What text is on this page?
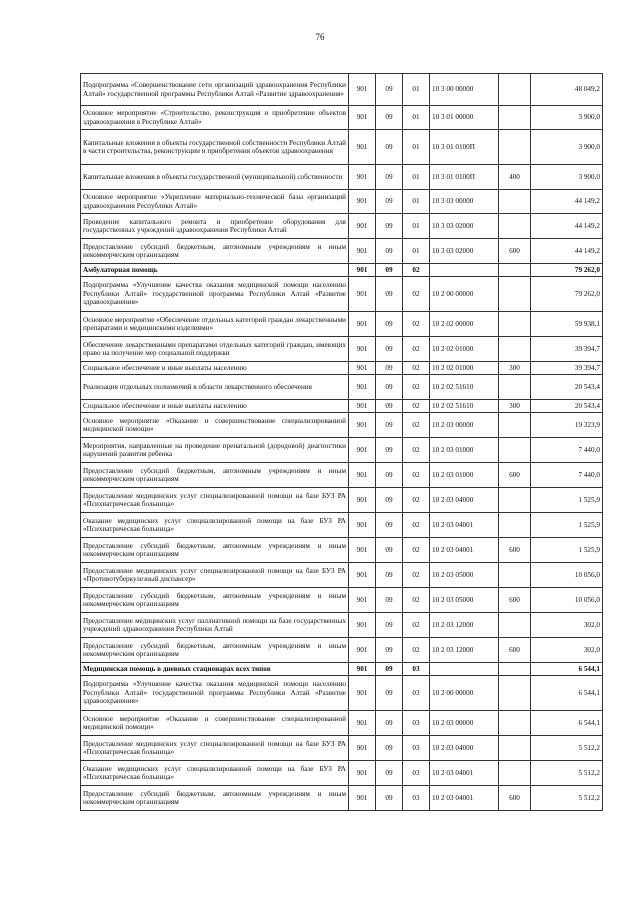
76
Подпрограмма «Совершенствование сети организаций здравоохранения Республики Алтай» государственной программы Республики Алтай «Развитие здравоохранения»	901	09	01	10 3 00 00000		48 049,2
Основное мероприятие «Строительство, реконструкция и приобретение объектов здравоохранения в Республике Алтай»	901	09	01	10 3 01 00000		3 900,0
Капитальные вложения в объекты государственной собственности Республики Алтай в части строительства, реконструкции и приобретения объектов здравоохранения	901	09	01	10 3 01 0100П		3 900,0
Капитальные вложения в объекты государственной (муниципальной) собственности	901	09	01	10 3 01 0100П	400	3 900,0
Основное мероприятие «Укрепление материально-технической базы организаций здравоохранения Республики Алтай»	901	09	01	10 3 03 00000		44 149,2
Проведение капитального ремонта и приобретение оборудования для государственных учреждений здравоохранения Республики Алтай	901	09	01	10 3 03 02000		44 149,2
Предоставление субсидий бюджетным, автономным учреждениям и иным некоммерческим организациям	901	09	01	10 3 03 02000	600	44 149,2
Амбулаторная помощь	901	09	02			79 262,0
Подпрограмма «Улучшение качества оказания медицинской помощи населению Республики Алтай» государственной программы Республики Алтай «Развитие здравоохранения»	901	09	02	10 2 00 00000		79 262,0
Основное мероприятие «Обеспечение отдельных категорий граждан лекарственными препаратами и медицинскими изделиями»	901	09	02	10 2 02 00000		59 938,1
Обеспечение лекарственными препаратами отдельных категорий граждан, имеющих право на получение мер социальной поддержки	901	09	02	10 2 02 01000		39 394,7
Социальное обеспечение и иные выплаты населению	901	09	02	10 2 02 01000	300	39 394,7
Реализация отдельных полномочий в области лекарственного обеспечения	901	09	02	10 2 02 51610		20 543,4
Социальное обеспечение и иные выплаты населению	901	09	02	10 2 02 51610	300	20 543,4
Основное мероприятие «Оказание и совершенствование специализированной медицинской помощи»	901	09	02	10 2 03 00000		19 323,9
Мероприятия, направленные на проведение пренатальной (дородовой) диагностики нарушений развития ребенка	901	09	02	10 2 03 01000		7 440,0
Предоставление субсидий бюджетным, автономным учреждениям и иным некоммерческим организациям	901	09	02	10 2 03 01000	600	7 440,0
Предоставление медицинских услуг специализированной помощи на базе БУЗ РА «Психиатрическая больница»	901	09	02	10 2 03 04000		1 525,9
Оказание медицинских услуг специализированной помощи на базе БУЗ РА «Психиатрическая больница»	901	09	02	10 2 03 04001		1 525,9
Предоставление субсидий бюджетным, автономным учреждениям и иным некоммерческим организациям	901	09	02	10 2 03 04001	600	1 525,9
Предоставление медицинских услуг специализированной помощи на базе БУЗ РА «Противотуберкулезный диспансер»	901	09	02	10 2 03 05000		10 056,0
Предоставление субсидий бюджетным, автономным учреждениям и иным некоммерческим организациям	901	09	02	10 2 03 05000	600	10 056,0
Предоставление медицинских услуг паллиативной помощи на базе государственных учреждений здравоохранения Республики Алтай	901	09	02	10 2 03 12000		302,0
Предоставление субсидий бюджетным, автономным учреждениям и иным некоммерческим организациям	901	09	02	10 2 03 12000	600	302,0
Медицинская помощь в дневных стационарах всех типов	901	09	03			6 544,1
Подпрограмма «Улучшение качества оказания медицинской помощи населению Республики Алтай» государственной программы Республики Алтай «Развитие здравоохранения»	901	09	03	10 2 00 00000		6 544,1
Основное мероприятие «Оказание и совершенствование специализированной медицинской помощи»	901	09	03	10 2 03 00000		6 544,1
Предоставление медицинских услуг специализированной помощи на базе БУЗ РА «Психиатрическая больница»	901	09	03	10 2 03 04000		5 512,2
Оказание медицинских услуг специализированной помощи на базе БУЗ РА «Психиатрическая больница»	901	09	03	10 2 03 04001		5 512,2
Предоставление субсидий бюджетным, автономным учреждениям и иным некоммерческим организациям	901	09	03	10 2 03 04001	600	5 512,2
